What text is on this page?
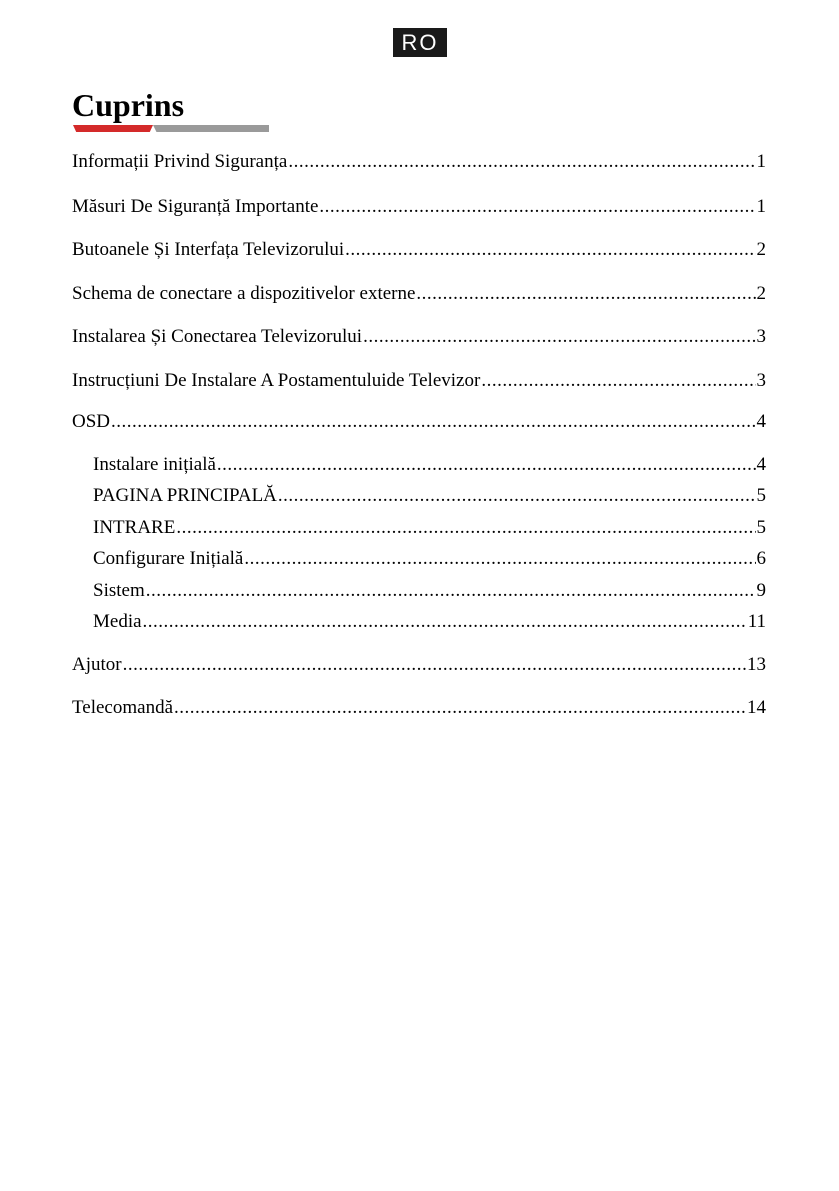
RO
Cuprins
Informații Privind Siguranța .....	1
Măsuri De Siguranță Importante .....	1
Butoanele Și Interfața Televizorului .....	2
Schema de conectare a dispozitivelor externe .....	2
Instalarea Și Conectarea Televizorului .....	3
Instrucțiuni De Instalare A Postamentuluide Televizor .....	3
OSD .....	4
Instalare inițială .....	4
PAGINA PRINCIPALĂ .....	5
INTRARE .....	5
Configurare Inițială .....	6
Sistem .....	9
Media .....	11
Ajutor .....	13
Telecomandă .....	14
